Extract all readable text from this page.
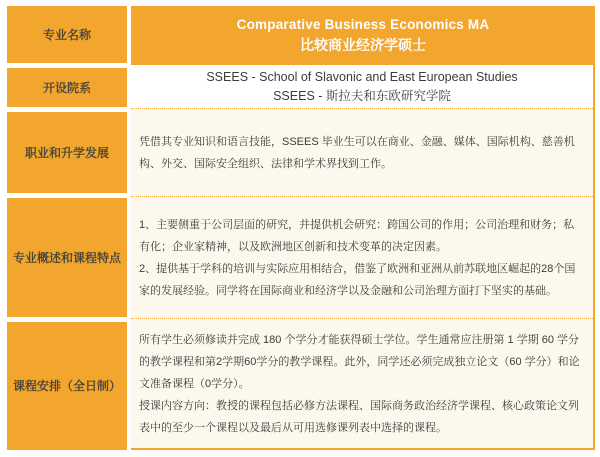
专业名称
开设院系
职业和升学发展
专业概述和课程特点
课程安排（全日制）
Comparative Business Economics MA
比较商业经济学硕士
SSEES - School of Slavonic and East European Studies
SSEES - 斯拉夫和东欧研究学院

凭借其专业知识和语言技能，SSEES 毕业生可以在商业、金融、媒体、国际机构、慈善机构、外交、国际安全组织、法律和学术界找到工作。

1、主要侧重于公司层面的研究，并提供机会研究：跨国公司的作用；公司治理和财务；私有化；企业家精神，以及欧洲地区创新和技术变革的决定因素。

2、提供基于学科的培训与实际应用相结合，借鉴了欧洲和亚洲从前苏联地区崛起的28个国家的发展经验。同学将在国际商业和经济学以及金融和公司治理方面打下坚实的基础。

所有学生必须修读并完成 180 个学分才能获得硕士学位。学生通常应注册第 1 学期 60 学分的教学课程和第2学期60学分的教学课程。此外，同学还必须完成独立论文（60 学分）和论文准备课程（0学分）。

授课内容方向：教授的课程包括必修方法课程、国际商务政治经济学课程、核心政策论文列表中的至少一个课程以及最后从可用选修课列表中选择的课程。
